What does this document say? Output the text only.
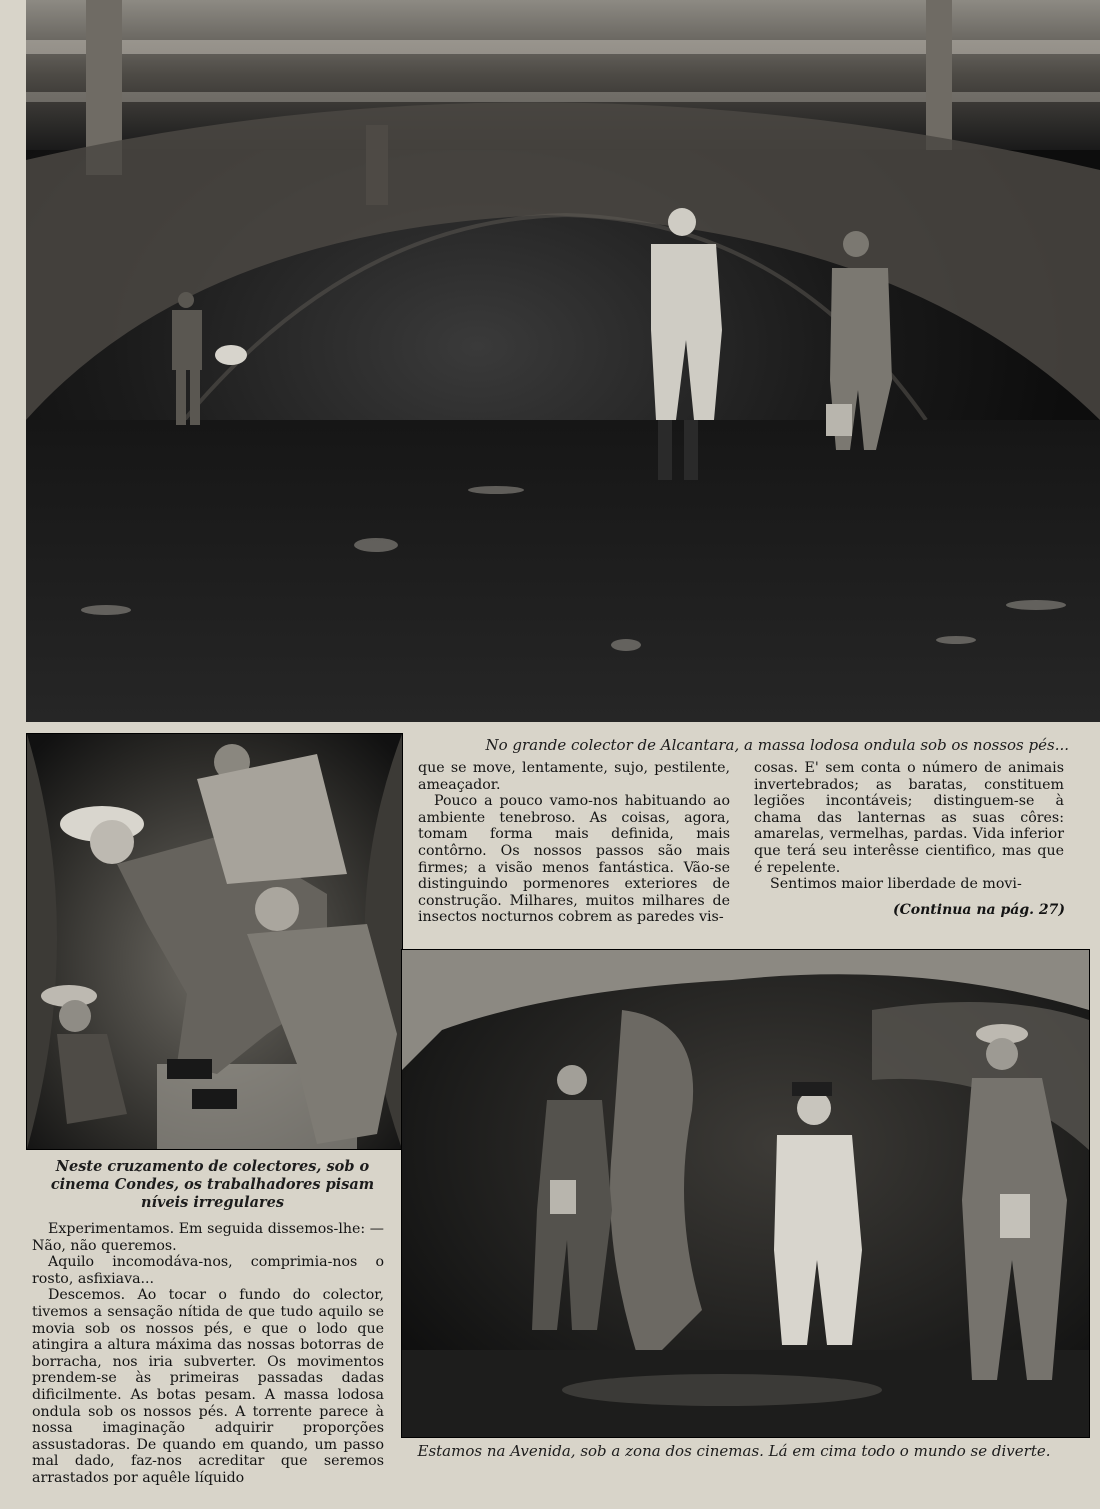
No grande colector de Alcantara, a massa lodosa ondula sob os nossos pés...
Neste cruzamento de colectores, sob o cinema Condes, os trabalhadores pisam níveis irregulares
Estamos na Avenida, sob a zona dos cinemas. Lá em cima todo o mundo se diverte.

que se move, lentamente, sujo, pestilente, ameaçador.

Pouco a pouco vamo-nos habituando ao ambiente tenebroso. As coisas, agora, tomam forma mais definida, mais contôrno. Os nossos passos são mais firmes; a visão menos fantástica. Vão-se distinguindo pormenores exteriores de construção. Milhares, muitos milhares de insectos nocturnos cobrem as paredes vis-

cosas. E' sem conta o número de animais invertebrados; as baratas, constituem legiões incontáveis; distinguem-se à chama das lanternas as suas côres: amarelas, vermelhas, pardas. Vida inferior que terá seu interêsse cientifico, mas que é repelente.

Sentimos maior liberdade de movi-

(Continua na pág. 27)

Experimentamos. Em seguida dissemos-lhe: — Não, não queremos.

Aquilo incomodáva-nos, comprimia-nos o rosto, asfixiava...

Descemos. Ao tocar o fundo do colector, tivemos a sensação nítida de que tudo aquilo se movia sob os nossos pés, e que o lodo que atingira a altura máxima das nossas botorras de borracha, nos iria subverter. Os movimentos prendem-se às primeiras passadas dadas dificilmente. As botas pesam. A massa lodosa ondula sob os nossos pés. A torrente parece à nossa imaginação adquirir proporções assustadoras. De quando em quando, um passo mal dado, faz-nos acreditar que seremos arrastados por aquêle líquido
